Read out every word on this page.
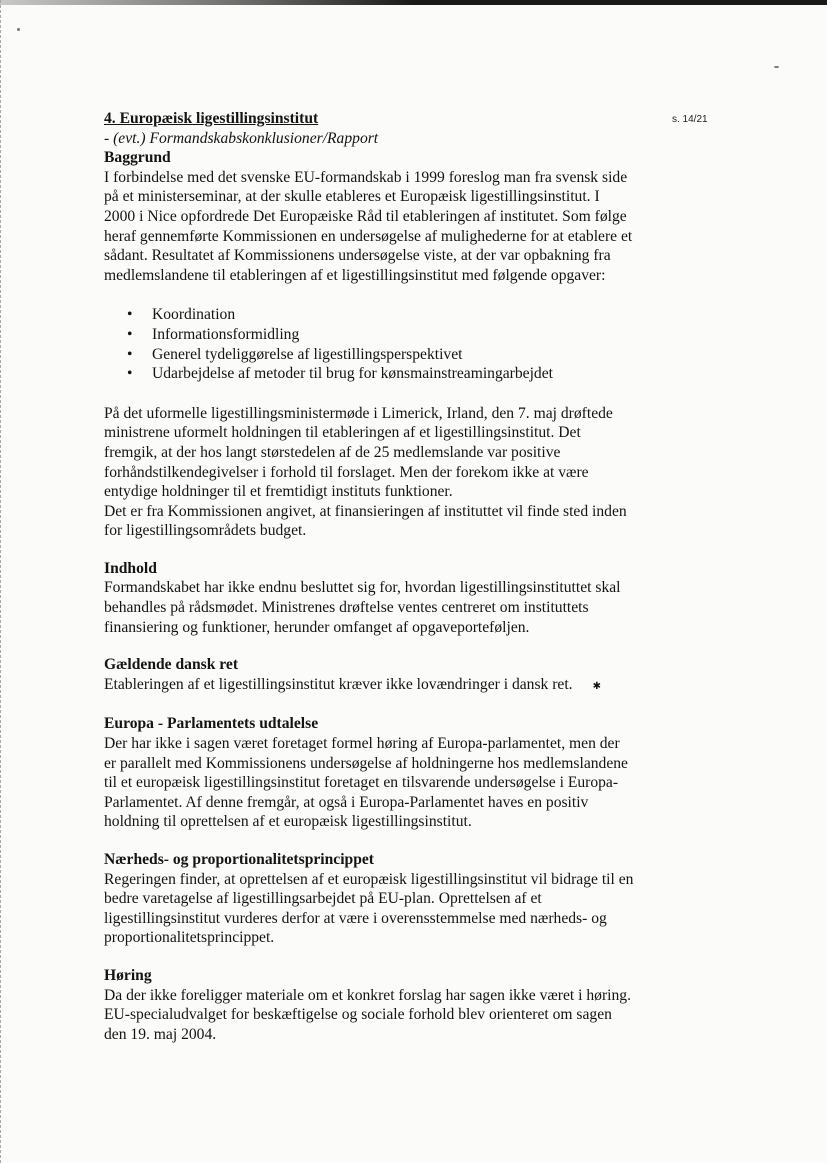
s. 14/21
4. Europæisk ligestillingsinstitut

- (evt.) Formandskabskonklusioner/Rapport

Baggrund

I forbindelse med det svenske EU-formandskab i 1999 foreslog man fra svensk side på et ministerseminar, at der skulle etableres et Europæisk ligestillingsinstitut. I 2000 i Nice opfordrede Det Europæiske Råd til etableringen af institutet. Som følge heraf gennemførte Kommissionen en undersøgelse af mulighederne for at etablere et sådant. Resultatet af Kommissionens undersøgelse viste, at der var opbakning fra medlemslandene til etableringen af et ligestillingsinstitut med følgende opgaver:

• Koordination
• Informationsformidling
• Generel tydeliggørelse af ligestillingsperspektivet
• Udarbejdelse af metoder til brug for kønsmainstreamingarbejdet

På det uformelle ligestillingsministermøde i Limerick, Irland, den 7. maj drøftede ministrene uformelt holdningen til etableringen af et ligestillingsinstitut. Det fremgik, at der hos langt størstedelen af de 25 medlemslande var positive forhåndstilkendegivelser i forhold til forslaget. Men der forekom ikke at være entydige holdninger til et fremtidigt instituts funktioner.

Det er fra Kommissionen angivet, at finansieringen af instituttet vil finde sted inden for ligestillingsområdets budget.

Indhold

Formandskabet har ikke endnu besluttet sig for, hvordan ligestillingsinstituttet skal behandles på rådsmødet. Ministrenes drøftelse ventes centreret om instituttets finansiering og funktioner, herunder omfanget af opgaveporteføljen.

Gældende dansk ret

Etableringen af et ligestillingsinstitut kræver ikke lovændringer i dansk ret. ✱

Europa - Parlamentets udtalelse

Der har ikke i sagen været foretaget formel høring af Europa-parlamentet, men der er parallelt med Kommissionens undersøgelse af holdningerne hos medlemslandene til et europæisk ligestillingsinstitut foretaget en tilsvarende undersøgelse i Europa-Parlamentet. Af denne fremgår, at også i Europa-Parlamentet haves en positiv holdning til oprettelsen af et europæisk ligestillingsinstitut.

Nærheds- og proportionalitetsprincippet

Regeringen finder, at oprettelsen af et europæisk ligestillingsinstitut vil bidrage til en bedre varetagelse af ligestillingsarbejdet på EU-plan. Oprettelsen af et ligestillingsinstitut vurderes derfor at være i overensstemmelse med nærheds- og proportionalitetsprincippet.

Høring

Da der ikke foreligger materiale om et konkret forslag har sagen ikke været i høring. EU-specialudvalget for beskæftigelse og sociale forhold blev orienteret om sagen den 19. maj 2004.
